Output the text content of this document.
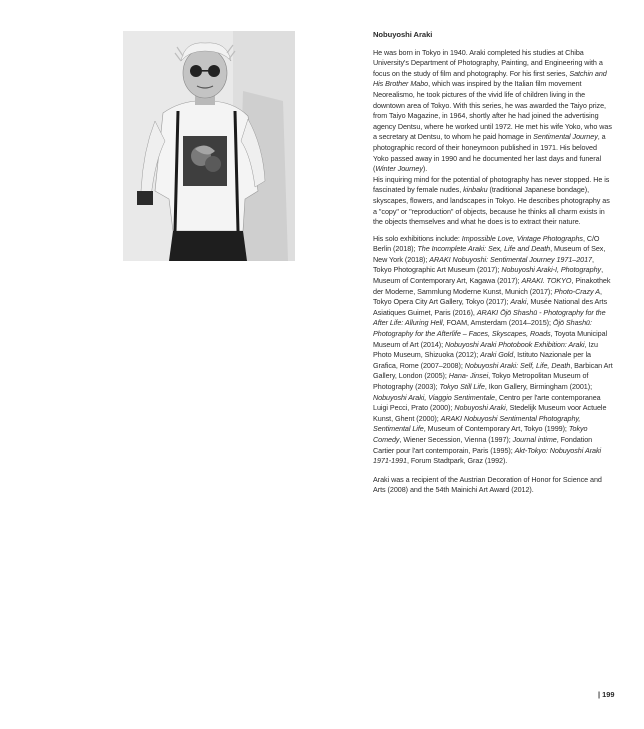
Nobuyoshi Araki

He was born in Tokyo in 1940. Araki completed his studies at Chiba University's Department of Photography, Painting, and Engineering with a focus on the study of film and photography. For his first series, Satchin and His Brother Mabo, which was inspired by the Italian film movement Neorealismo, he took pictures of the vivid life of children living in the downtown area of Tokyo. With this series, he was awarded the Taiyo prize, from Taiyo Magazine, in 1964, shortly after he had joined the advertising agency Dentsu, where he worked until 1972. He met his wife Yoko, who was a secretary at Dentsu, to whom he paid homage in Sentimental Journey, a photographic record of their honeymoon published in 1971. His beloved Yoko passed away in 1990 and he documented her last days and funeral (Winter Journey).

His inquiring mind for the potential of photography has never stopped. He is fascinated by female nudes, kinbaku (traditional Japanese bondage), skyscapes, flowers, and landscapes in Tokyo. He describes photography as a "copy" or "reproduction" of objects, because he thinks all charm exists in the objects themselves and what he does is to extract their nature.

His solo exhibitions include: Impossible Love, Vintage Photographs, C/O Berlin (2018); The Incomplete Araki: Sex, Life and Death, Museum of Sex, New York (2018); ARAKI Nobuyoshi: Sentimental Journey 1971–2017, Tokyo Photographic Art Museum (2017); Nobuyoshi Araki-I, Photography, Museum of Contemporary Art, Kagawa (2017); ARAKI. TOKYO, Pinakothek der Moderne, Sammlung Moderne Kunst, Munich (2017); Photo-Crazy A, Tokyo Opera City Art Gallery, Tokyo (2017); Araki, Musée National des Arts Asiatiques Guimet, Paris (2016), ARAKI Ōjō Shashū - Photography for the After Life: Alluring Hell, FOAM, Amsterdam (2014–2015); Ōjō Shashū: Photography for the Afterlife – Faces, Skyscapes, Roads, Toyota Municipal Museum of Art (2014); Nobuyoshi Araki Photobook Exhibition: Araki, Izu Photo Museum, Shizuoka (2012); Araki Gold, Istituto Nazionale per la Grafica, Rome (2007–2008); Nobuyoshi Araki: Self, Life, Death, Barbican Art Gallery, London (2005); Hana- Jinsei, Tokyo Metropolitan Museum of Photography (2003); Tokyo Still Life, Ikon Gallery, Birmingham (2001); Nobuyoshi Araki, Viaggio Sentimentale, Centro per l'arte contemporanea Luigi Pecci, Prato (2000); Nobuyoshi Araki, Stedelijk Museum voor Actuele Kunst, Ghent (2000); ARAKI Nobuyoshi Sentimental Photography, Sentimental Life, Museum of Contemporary Art, Tokyo (1999); Tokyo Comedy, Wiener Secession, Vienna (1997); Journal intime, Fondation Cartier pour l'art contemporain, Paris (1995); Akt-Tokyo: Nobuyoshi Araki 1971-1991, Forum Stadtpark, Graz (1992).

Araki was a recipient of the Austrian Decoration of Honor for Science and Arts (2008) and the 54th Mainichi Art Award (2012).

| 199
